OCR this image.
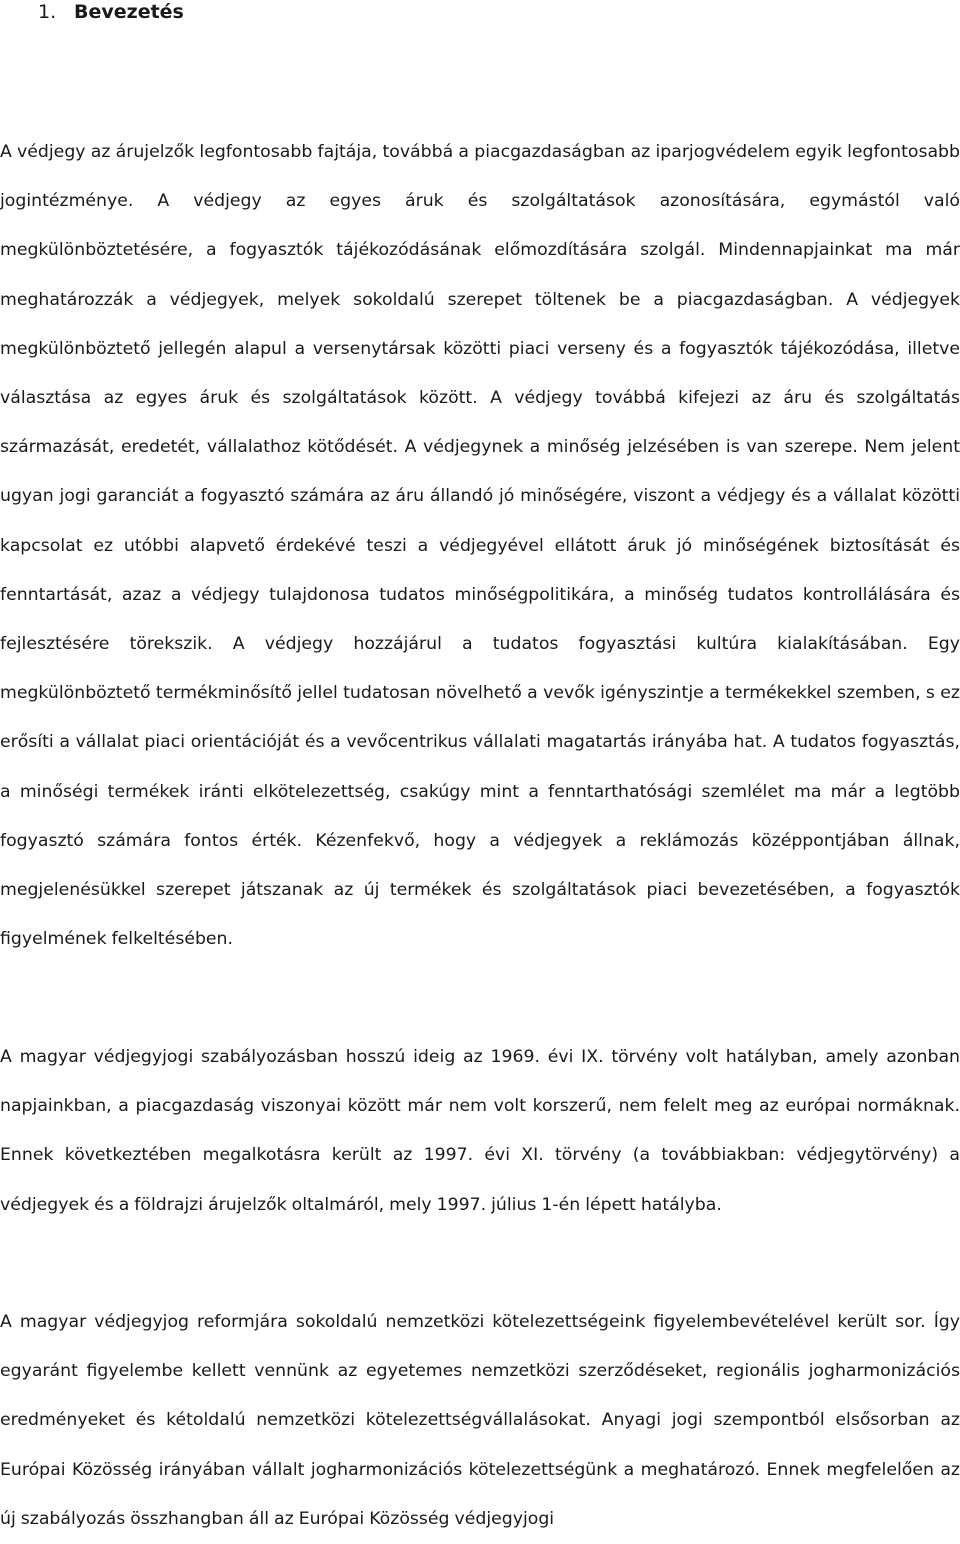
1. Bevezetés

A védjegy az árujelzők legfontosabb fajtája, továbbá a piacgazdaságban az iparjogvédelem egyik legfontosabb jogintézménye. A védjegy az egyes áruk és szolgáltatások azonosítására, egymástól való megkülönböztetésére, a fogyasztók tájékozódásának előmozdítására szolgál. Mindennapjainkat ma már meghatározzák a védjegyek, melyek sokoldalú szerepet töltenek be a piacgazdaságban. A védjegyek megkülönböztető jellegén alapul a versenytársak közötti piaci verseny és a fogyasztók tájékozódása, illetve választása az egyes áruk és szolgáltatások között. A védjegy továbbá kifejezi az áru és szolgáltatás származását, eredetét, vállalathoz kötődését. A védjegynek a minőség jelzésében is van szerepe. Nem jelent ugyan jogi garanciát a fogyasztó számára az áru állandó jó minőségére, viszont a védjegy és a vállalat közötti kapcsolat ez utóbbi alapvető érdekévé teszi a védjegyével ellátott áruk jó minőségének biztosítását és fenntartását, azaz a védjegy tulajdonosa tudatos minőségpolitikára, a minőség tudatos kontrollálására és fejlesztésére törekszik. A védjegy hozzájárul a tudatos fogyasztási kultúra kialakításában. Egy megkülönböztető termékminősítő jellel tudatosan növelhető a vevők igényszintje a termékekkel szemben, s ez erősíti a vállalat piaci orientációját és a vevőcentrikus vállalati magatartás irányába hat. A tudatos fogyasztás, a minőségi termékek iránti elkötelezettség, csakúgy mint a fenntarthatósági szemlélet ma már a legtöbb fogyasztó számára fontos érték. Kézenfekvő, hogy a védjegyek a reklámozás középpontjában állnak, megjelenésükkel szerepet játszanak az új termékek és szolgáltatások piaci bevezetésében, a fogyasztók figyelmének felkeltésében.

A magyar védjegyjogi szabályozásban hosszú ideig az 1969. évi IX. törvény volt hatályban, amely azonban napjainkban, a piacgazdaság viszonyai között már nem volt korszerű, nem felelt meg az európai normáknak. Ennek következtében megalkotásra került az 1997. évi XI. törvény (a továbbiakban: védjegytörvény) a védjegyek és a földrajzi árujelzők oltalmáról, mely 1997. július 1-én lépett hatályba.

A magyar védjegyjog reformjára sokoldalú nemzetközi kötelezettségeink figyelembevételével került sor. Így egyaránt figyelembe kellett vennünk az egyetemes nemzetközi szerződéseket, regionális jogharmonizációs eredményeket és kétoldalú nemzetközi kötelezettségvállalásokat. Anyagi jogi szempontból elsősorban az Európai Közösség irányában vállalt jogharmonizációs kötelezettségünk a meghatározó. Ennek megfelelően az új szabályozás összhangban áll az Európai Közösség védjegyjogi
